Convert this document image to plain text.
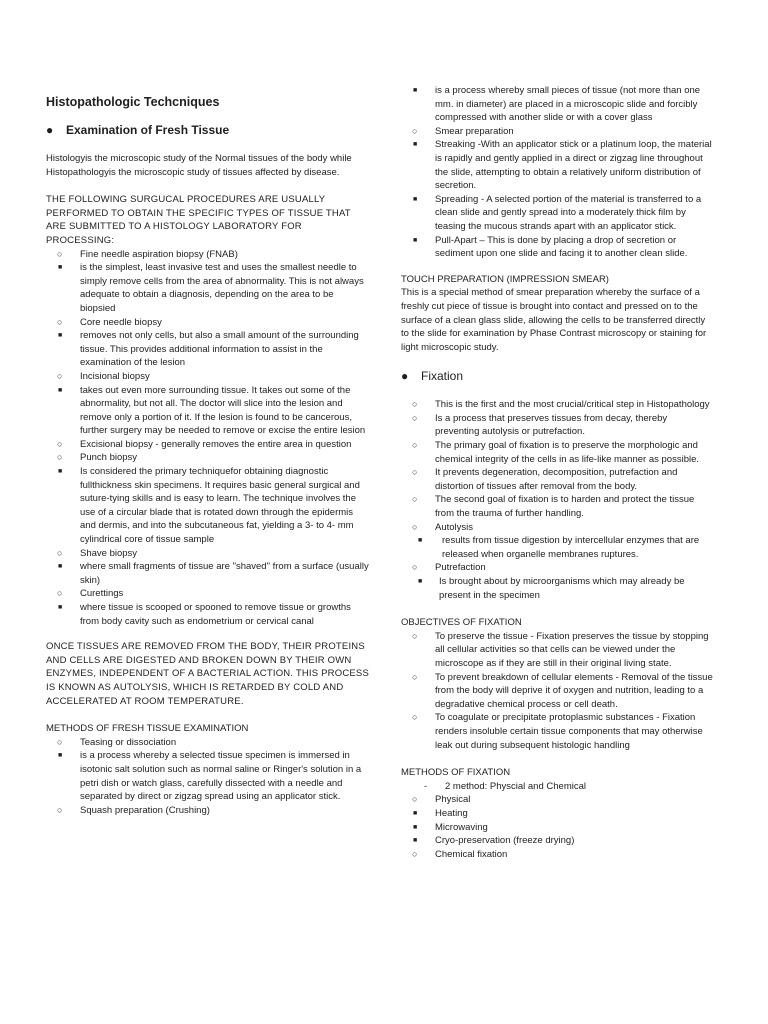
Histopathologic Techcniques
● Examination of Fresh Tissue
Histologyis the microscopic study of the Normal tissues of the body while Histopathologyis the microscopic study of tissues affected by disease.
THE FOLLOWING SURGUCAL PROCEDURES ARE USUALLY PERFORMED TO OBTAIN THE SPECIFIC TYPES OF TISSUE THAT ARE SUBMITTED TO A HISTOLOGY LABORATORY FOR PROCESSING:
○ Fine needle aspiration biopsy (FNAB)
■ is the simplest, least invasive test and uses the smallest needle to simply remove cells from the area of abnormality. This is not always adequate to obtain a diagnosis, depending on the area to be biopsied
○ Core needle biopsy
■ removes not only cells, but also a small amount of the surrounding tissue. This provides additional information to assist in the examination of the lesion
○ Incisional biopsy
■ takes out even more surrounding tissue. It takes out some of the abnormality, but not all. The doctor will slice into the lesion and remove only a portion of it. If the lesion is found to be cancerous, further surgery may be needed to remove or excise the entire lesion
○ Excisional biopsy - generally removes the entire area in question
○ Punch biopsy
■ Is considered the primary techniquefor obtaining diagnostic fullthickness skin specimens. It requires basic general surgical and suture-tying skills and is easy to learn. The technique involves the use of a circular blade that is rotated down through the epidermis and dermis, and into the subcutaneous fat, yielding a 3- to 4- mm cylindrical core of tissue sample
○ Shave biopsy
■ where small fragments of tissue are "shaved" from a surface (usually skin)
○ Curettings
■ where tissue is scooped or spooned to remove tissue or growths from body cavity such as endometrium or cervical canal
ONCE TISSUES ARE REMOVED FROM THE BODY, THEIR PROTEINS AND CELLS ARE DIGESTED AND BROKEN DOWN BY THEIR OWN ENZYMES, INDEPENDENT OF A BACTERIAL ACTION. THIS PROCESS IS KNOWN AS AUTOLYSIS, WHICH IS RETARDED BY COLD AND ACCELERATED AT ROOM TEMPERATURE.
METHODS OF FRESH TISSUE EXAMINATION
○ Teasing or dissociation
■ is a process whereby a selected tissue specimen is immersed in isotonic salt solution such as normal saline or Ringer's solution in a petri dish or watch glass, carefully dissected with a needle and separated by direct or zigzag spread using an applicator stick.
○ Squash preparation (Crushing)
■ is a process whereby small pieces of tissue (not more than one mm. in diameter) are placed in a microscopic slide and forcibly compressed with another slide or with a cover glass
○ Smear preparation
■ Streaking -With an applicator stick or a platinum loop, the material is rapidly and gently applied in a direct or zigzag line throughout the slide, attempting to obtain a relatively uniform distribution of secretion.
■ Spreading - A selected portion of the material is transferred to a clean slide and gently spread into a moderately thick film by teasing the mucous strands apart with an applicator stick.
■ Pull-Apart – This is done by placing a drop of secretion or sediment upon one slide and facing it to another clean slide.
TOUCH PREPARATION (IMPRESSION SMEAR)
This is a special method of smear preparation whereby the surface of a freshly cut piece of tissue is brought into contact and pressed on to the surface of a clean glass slide, allowing the cells to be transferred directly to the slide for examination by Phase Contrast microscopy or staining for light microscopic study.
● Fixation
○ This is the first and the most crucial/critical step in Histopathology
○ Is a process that preserves tissues from decay, thereby preventing autolysis or putrefaction.
○ The primary goal of fixation is to preserve the morphologic and chemical integrity of the cells in as life-like manner as possible.
○ It prevents degeneration, decomposition, putrefaction and distortion of tissues after removal from the body.
○ The second goal of fixation is to harden and protect the tissue from the trauma of further handling.
○ Autolysis
■ results from tissue digestion by intercellular enzymes that are released when organelle membranes ruptures.
○ Putrefaction
■ Is brought about by microorganisms which may already be present in the specimen
OBJECTIVES OF FIXATION
○ To preserve the tissue - Fixation preserves the tissue by stopping all cellular activities so that cells can be viewed under the microscope as if they are still in their original living state.
○ To prevent breakdown of cellular elements - Removal of the tissue from the body will deprive it of oxygen and nutrition, leading to a degradative chemical process or cell death.
○ To coagulate or precipitate protoplasmic substances - Fixation renders insoluble certain tissue components that may otherwise leak out during subsequent histologic handling
METHODS OF FIXATION
- 2 method: Physcial and Chemical
○ Physical
■ Heating
■ Microwaving
■ Cryo-preservation (freeze drying)
○ Chemical fixation
